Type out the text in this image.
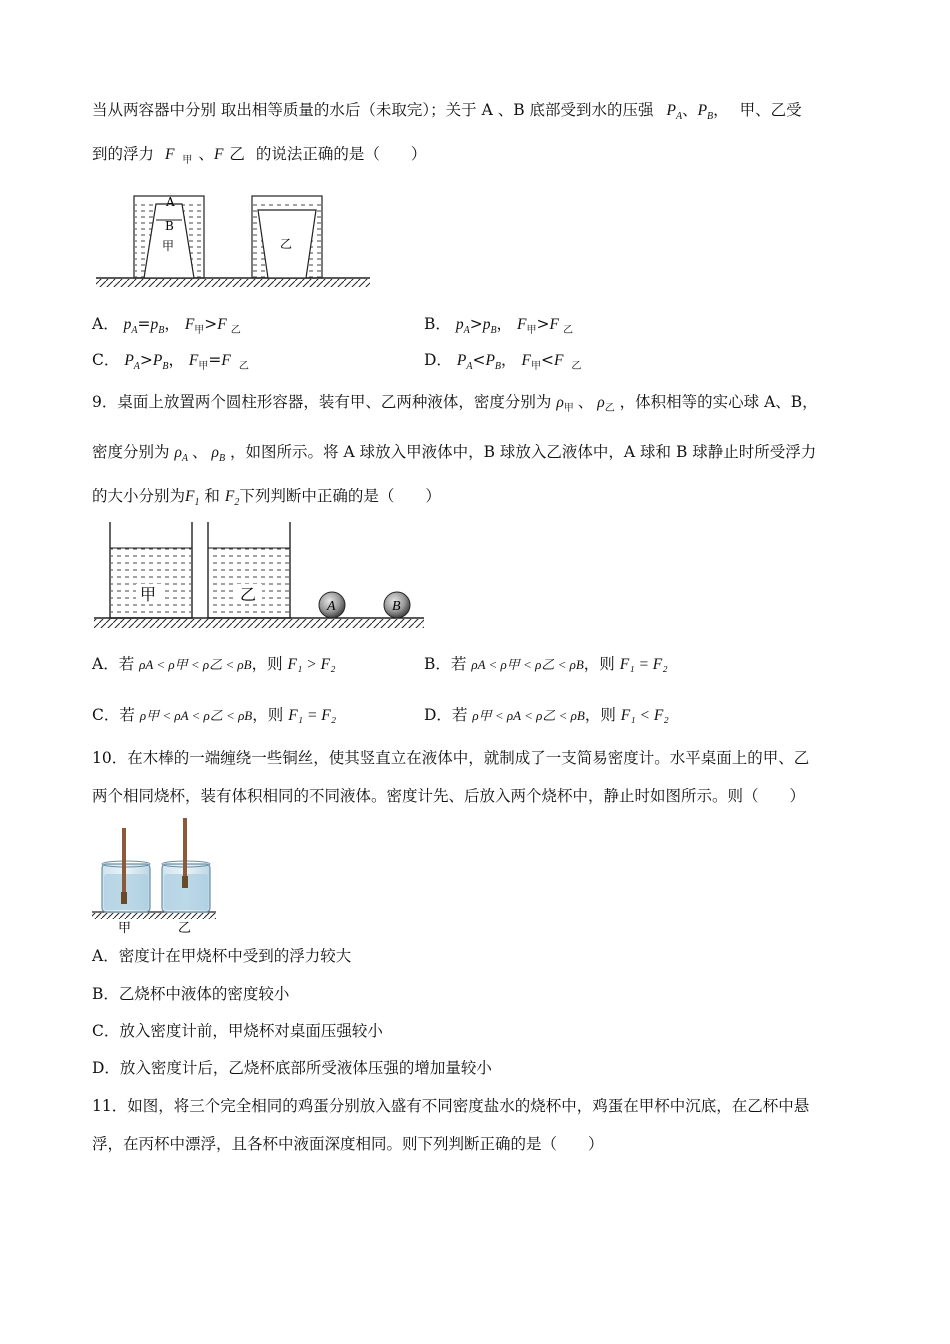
当从两容器中分别 取出相等质量的水后（未取完）；关于 A 、B 底部受到水的压强 $P_A$、$P_B$， 甲、乙受
到的浮力 F $_甲$ 、F 乙 的说法正确的是（　　）
A
B
甲	乙
A． $p_A=p_B$， $F_甲>F$ $_乙$	B． $p_A>p_B$， $F_甲>F$ $_乙$
C． $P_A>P_B$， $F_甲=F$ $_乙$	D． $P_A<P_B$， $F_甲<F$ $_乙$
9．桌面上放置两个圆柱形容器，装有甲、乙两种液体，密度分别为 $\rho_甲$ 、 $\rho_乙$ ，体积相等的实心球 A、B，
密度分别为 $\rho_A$ 、 $\rho_B$ ，如图所示。将 A 球放入甲液体中，B 球放入乙液体中，A 球和 B 球静止时所受浮力
的大小分别为$F_1$ 和 $F_2$下列判断中正确的是（　　）
甲	乙
A	B
A．若 ρA < ρ甲 < ρ乙 < ρB，则 F₁ > F₂	B．若 ρA < ρ甲 < ρ乙 < ρB，则 F₁ = F₂
C．若 ρ甲 < ρA < ρ乙 < ρB，则 F₁ = F₂	D．若 ρ甲 < ρA < ρ乙 < ρB，则 F₁ < F₂
10．在木棒的一端缠绕一些铜丝，使其竖直立在液体中，就制成了一支简易密度计。水平桌面上的甲、乙
两个相同烧杯，装有体积相同的不同液体。密度计先、后放入两个烧杯中，静止时如图所示。则（　　）
甲	乙
A．密度计在甲烧杯中受到的浮力较大
B．乙烧杯中液体的密度较小
C．放入密度计前，甲烧杯对桌面压强较小
D．放入密度计后，乙烧杯底部所受液体压强的增加量较小
11．如图，将三个完全相同的鸡蛋分别放入盛有不同密度盐水的烧杯中，鸡蛋在甲杯中沉底，在乙杯中悬
浮，在丙杯中漂浮，且各杯中液面深度相同。则下列判断正确的是（　　）
